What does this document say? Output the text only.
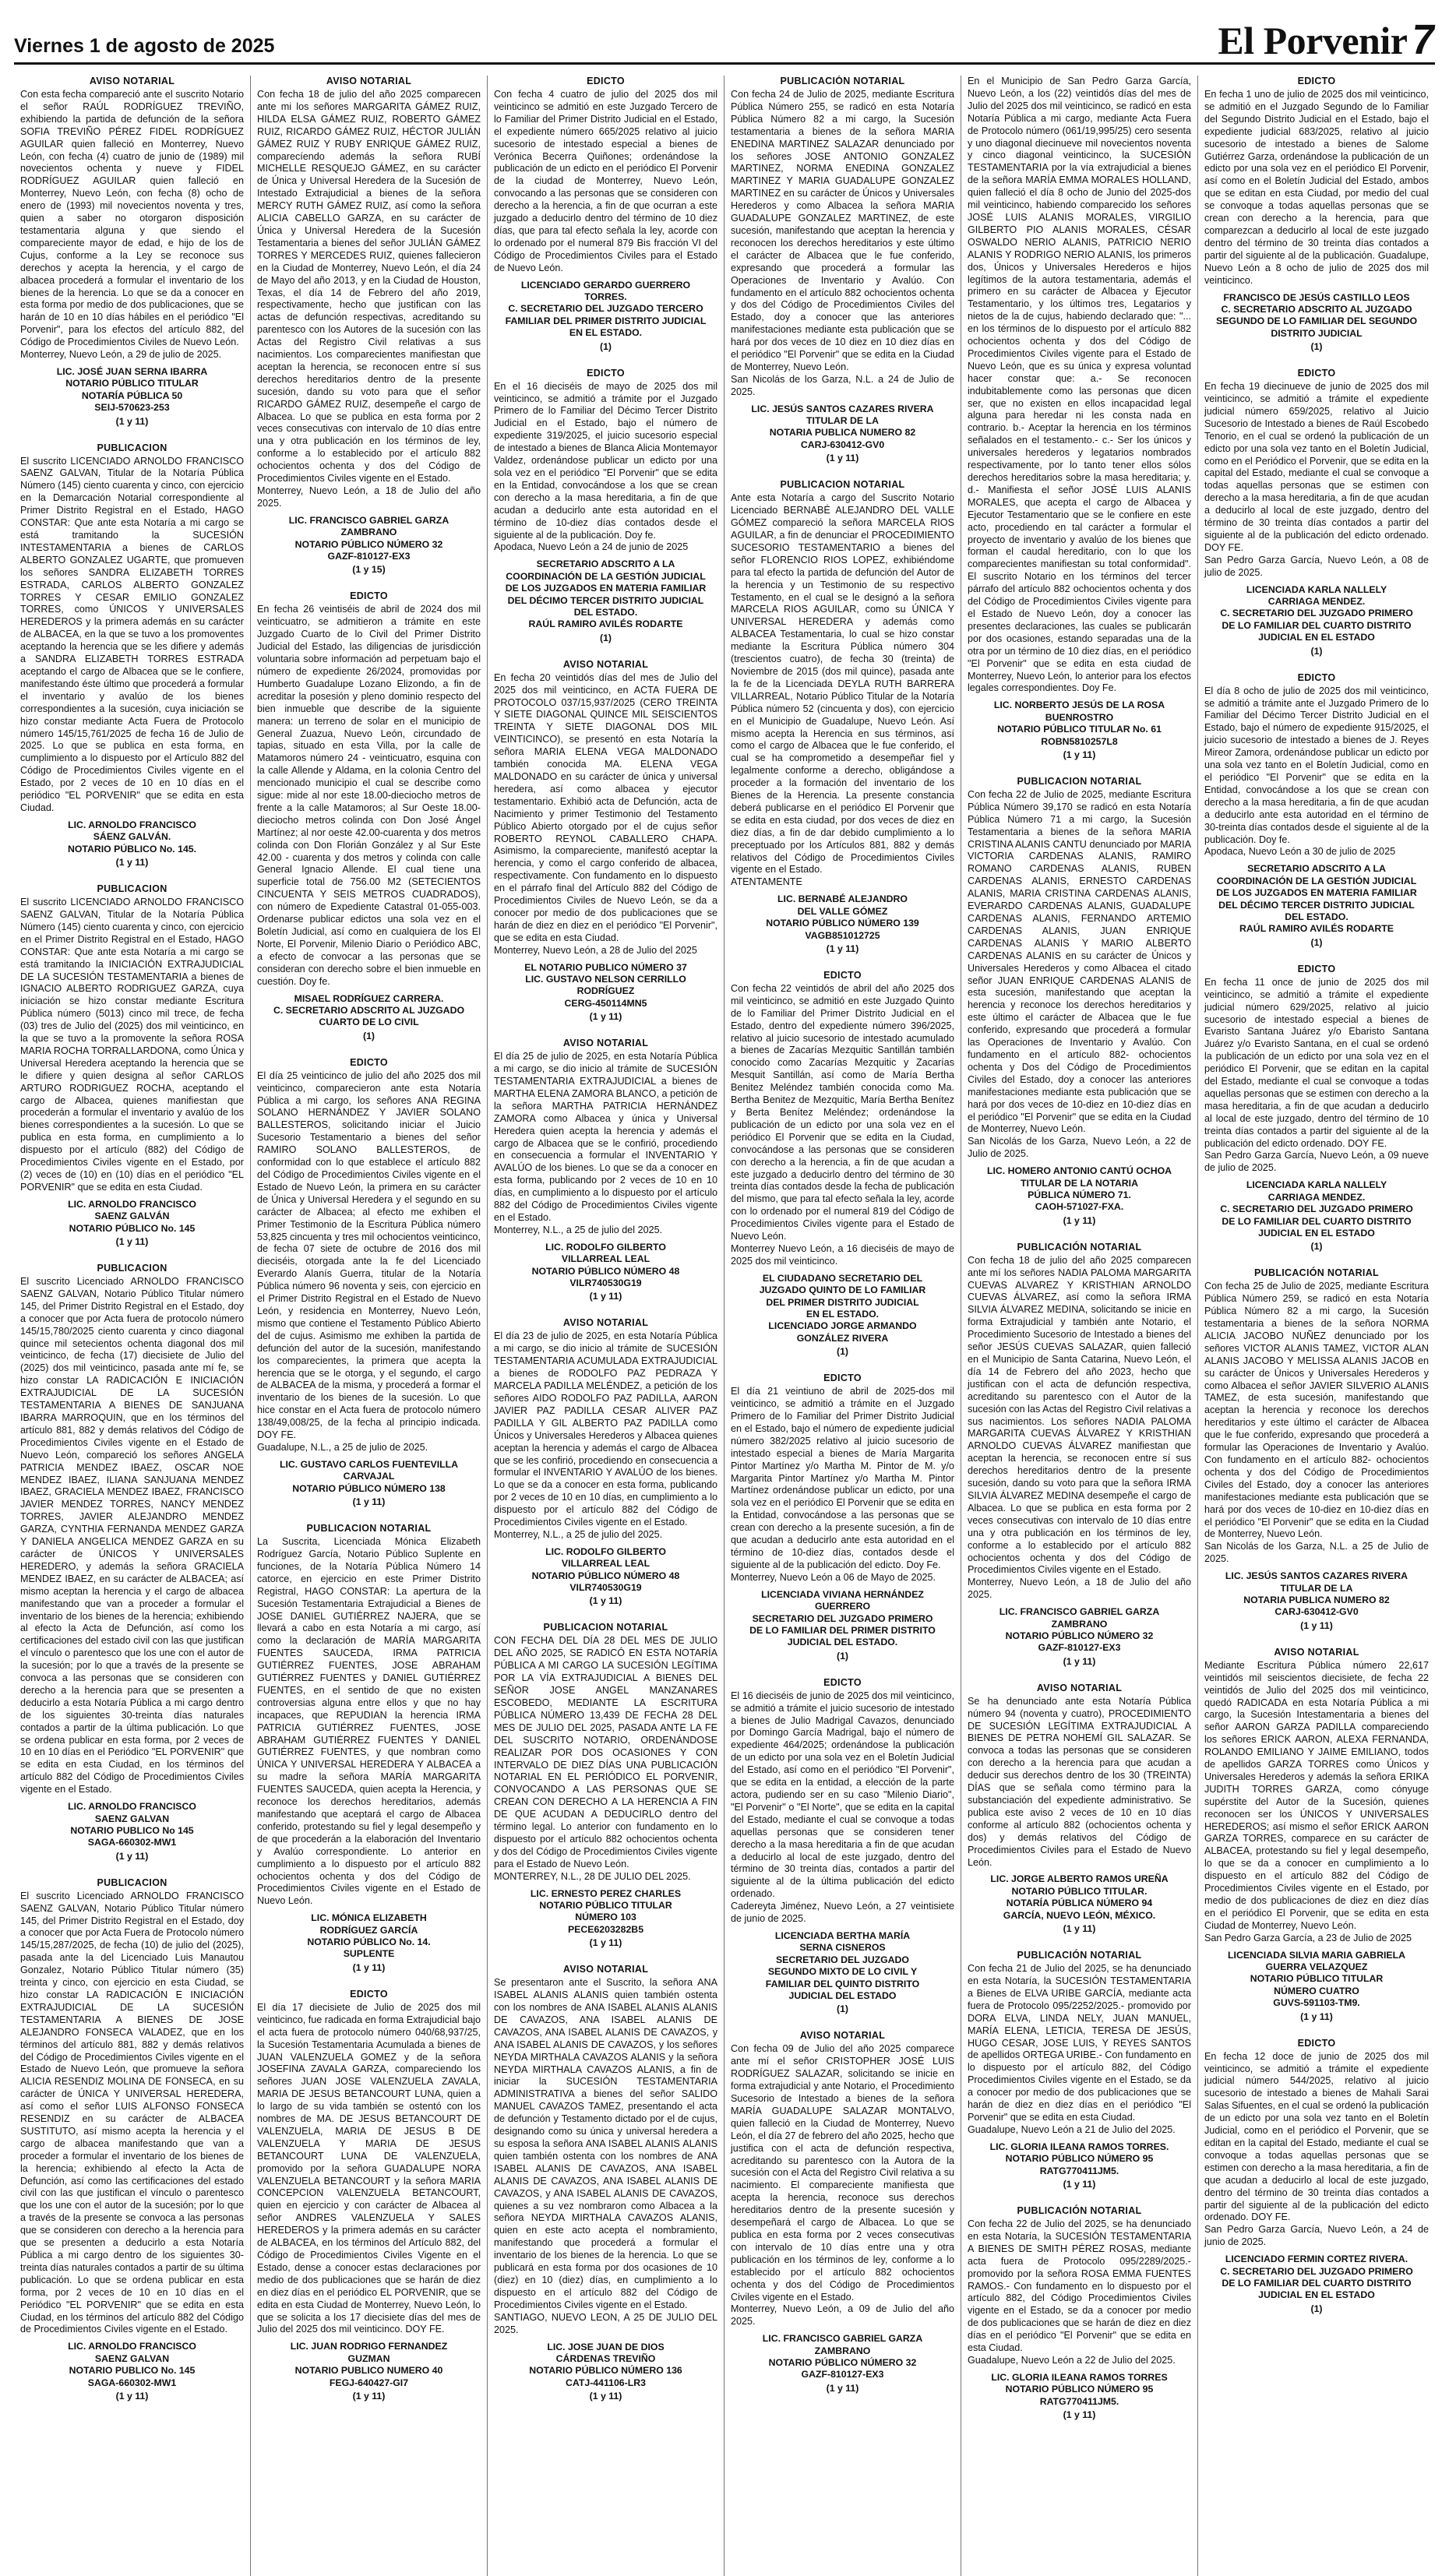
Viernes 1 de agosto de 2025	El Porvenir7
AVISO NOTARIAL
Con esta fecha compareció ante el suscrito Notario el señor RAÚL RODRÍGUEZ TREVIÑO, exhibiendo la partida de defunción de la señora SOFIA TREVIÑO PÉREZ FIDEL RODRÍGUEZ AGUILAR quien falleció en Monterrey, Nuevo León, con fecha (4) cuatro de junio de (1989) mil novecientos ochenta y nueve y FIDEL RODRÍGUEZ AGUILAR quien falleció en Monterrey, Nuevo León, con fecha (8) ocho de enero de (1993) mil novecientos noventa y tres, quien a saber no otorgaron disposición testamentaria alguna y que siendo el compareciente mayor de edad, e hijo de los de Cujus, conforme a la Ley se reconoce sus derechos y acepta la herencia, y el cargo de albacea procederá a formular el inventario de los bienes de la herencia. Lo que se da a conocer en esta forma por medio de dos publicaciones, que se harán de 10 en 10 días hábiles en el periódico "El Porvenir", para los efectos del artículo 882, del Código de Procedimientos Civiles de Nuevo León.
Monterrey, Nuevo León, a 29 de julio de 2025.
LIC. JOSÉ JUAN SERNA IBARRA
NOTARIO PÚBLICO TITULAR
NOTARÍA PÚBLICA 50
SEIJ-570623-253
(1 y 11)
PUBLICACION
El suscrito LICENCIADO ARNOLDO FRANCISCO SAENZ GALVAN, Titular de la Notaría Pública Número (145) ciento cuarenta y cinco, con ejercicio en la Demarcación Notarial correspondiente al Primer Distrito Registral en el Estado, HAGO CONSTAR: Que ante esta Notaría a mi cargo se está tramitando la SUCESIÓN INTESTAMENTARIA a bienes de CARLOS ALBERTO GONZALEZ UGARTE, que promueven los señores SANDRA ELIZABETH TORRES ESTRADA, CARLOS ALBERTO GONZALEZ TORRES Y CESAR EMILIO GONZALEZ TORRES, como ÚNICOS Y UNIVERSALES HEREDEROS y la primera además en su carácter de ALBACEA, en la que se tuvo a los promoventes aceptando la herencia que se les difiere y además a SANDRA ELIZABETH TORRES ESTRADA aceptando el cargo de Albacea que se le confiere, manifestando éste último que procederá a formular el inventario y avalúo de los bienes correspondientes a la sucesión, cuya iniciación se hizo constar mediante Acta Fuera de Protocolo número 145/15,761/2025 de fecha 16 de Julio de 2025. Lo que se publica en esta forma, en cumplimiento a lo dispuesto por el Artículo 882 del Código de Procedimientos Civiles vigente en el Estado, por 2 veces de 10 en 10 días en el periódico "EL PORVENIR" que se edita en esta Ciudad.
LIC. ARNOLDO FRANCISCO
SÁENZ GALVÁN.
NOTARIO PÚBLICO No. 145.
(1 y 11)
PUBLICACION
El suscrito LICENCIADO ARNOLDO FRANCISCO SAENZ GALVAN, Titular de la Notaría Pública Número (145) ciento cuarenta y cinco, con ejercicio en el Primer Distrito Registral en el Estado, HAGO CONSTAR: Que ante esta Notaría a mi cargo se está tramitando la INICIACIÓN EXTRAJUDICIAL DE LA SUCESIÓN TESTAMENTARIA a bienes de IGNACIO ALBERTO RODRIGUEZ GARZA, cuya iniciación se hizo constar mediante Escritura Pública número (5013) cinco mil trece, de fecha (03) tres de Julio del (2025) dos mil veinticinco, en la que se tuvo a la promovente la señora ROSA MARIA ROCHA TORRALLARDONA, como Única y Universal Heredera aceptando la herencia que se le difiere y quien designa al señor CARLOS ARTURO RODRIGUEZ ROCHA, aceptando el cargo de Albacea, quienes manifiestan que procederán a formular el inventario y avalúo de los bienes correspondientes a la sucesión. Lo que se publica en esta forma, en cumplimiento a lo dispuesto por el artículo (882) del Código de Procedimientos Civiles vigente en el Estado, por (2) veces de (10) en (10) días en el periódico "EL PORVENIR" que se edita en esta Ciudad.
LIC. ARNOLDO FRANCISCO
SAENZ GALVÁN
NOTARIO PÚBLICO No. 145
(1 y 11)
PUBLICACION
El suscrito Licenciado ARNOLDO FRANCISCO SAENZ GALVAN, Notario Público Titular número 145, del Primer Distrito Registral en el Estado, doy a conocer que por Acta fuera de protocolo número 145/15,780/2025 ciento cuarenta y cinco diagonal quince mil setecientos ochenta diagonal dos mil veinticinco, de fecha (17) diecisiete de Julio del (2025) dos mil veinticinco, pasada ante mí fe, se hizo constar LA RADICACIÓN E INICIACIÓN EXTRAJUDICIAL DE LA SUCESIÓN TESTAMENTARIA A BIENES DE SANJUANA IBARRA MARROQUIN, que en los términos del artículo 881, 882 y demás relativos del Código de Procedimientos Civiles vigente en el Estado de Nuevo León, compareció los señores ANGELA PATRICIA MENDEZ IBAEZ, OSCAR NOE MENDEZ IBAEZ, ILIANA SANJUANA MENDEZ IBAEZ, GRACIELA MENDEZ IBAEZ, FRANCISCO JAVIER MENDEZ TORRES, NANCY MENDEZ TORRES, JAVIER ALEJANDRO MENDEZ GARZA, CYNTHIA FERNANDA MENDEZ GARZA Y DANIELA ANGELICA MENDEZ GARZA en su carácter de ÚNICOS Y UNIVERSALES HEREDERO, y además la señora GRACIELA MENDEZ IBAEZ, en su carácter de ALBACEA; así mismo aceptan la herencia y el cargo de albacea manifestando que van a proceder a formular el inventario de los bienes de la herencia; exhibiendo al efecto la Acta de Defunción, así como los certificaciones del estado civil con las que justifican el vínculo o parentesco que los une con el autor de la sucesión; por lo que a través de la presente se convoca a las personas que se consideren con derecho a la herencia para que se presenten a deducirlo a esta Notaría Pública a mi cargo dentro de los siguientes 30-treinta días naturales contados a partir de la última publicación. Lo que se ordena publicar en esta forma, por 2 veces de 10 en 10 días en el Periódico "EL PORVENIR" que se edita en esta Ciudad, en los términos del artículo 882 del Código de Procedimientos Civiles vigente en el Estado.
LIC. ARNOLDO FRANCISCO
SAENZ GALVAN
NOTARIO PUBLICO No 145
SAGA-660302-MW1
(1 y 11)
PUBLICACION
El suscrito Licenciado ARNOLDO FRANCISCO SAENZ GALVAN, Notario Público Titular número 145, del Primer Distrito Registral en el Estado, doy a conocer que por Acta Fuera de Protocolo número 145/15,287/2025, de fecha (10) de julio del (2025), pasada ante la del Licenciado Luis Manautou Gonzalez, Notario Público Titular número (35) treinta y cinco, con ejercicio en esta Ciudad, se hizo constar LA RADICACIÓN E INICIACIÓN EXTRAJUDICIAL DE LA SUCESIÓN TESTAMENTARIA A BIENES DE JOSE ALEJANDRO FONSECA VALADEZ, que en los términos del artículo 881, 882 y demás relativos del Código de Procedimientos Civiles vigente en el Estado de Nuevo León, que promueve la señora ALICIA RESENDIZ MOLINA DE FONSECA, en su carácter de ÚNICA Y UNIVERSAL HEREDERA, así como el señor LUIS ALFONSO FONSECA RESENDIZ en su carácter de ALBACEA SUSTITUTO, así mismo acepta la herencia y el cargo de albacea manifestando que van a proceder a formular el inventario de los bienes de la herencia; exhibiendo al efecto la Acta de Defunción, así como las certificaciones del estado civil con las que justifican el vínculo o parentesco que los une con el autor de la sucesión; por lo que a través de la presente se convoca a las personas que se consideren con derecho a la herencia para que se presenten a deducirlo a esta Notaría Pública a mi cargo dentro de los siguientes 30-treinta días naturales contados a partir de su última publicación. Lo que se ordena publicar en esta forma, por 2 veces de 10 en 10 días en el Periódico "EL PORVENIR" que se edita en esta Ciudad, en los términos del artículo 882 del Código de Procedimientos Civiles vigente en el Estado.
LIC. ARNOLDO FRANCISCO
SAENZ GALVAN
NOTARIO PUBLICO No. 145
SAGA-660302-MW1
(1 y 11)
AVISO NOTARIAL
Con fecha 18 de julio del año 2025 comparecen ante mi los señores MARGARITA GÁMEZ RUIZ, HILDA ELSA GÁMEZ RUIZ, ROBERTO GÁMEZ RUIZ, RICARDO GÁMEZ RUIZ, HÉCTOR JULIÁN GÁMEZ RUIZ Y RUBY ENRIQUE GÁMEZ RUIZ, comparecíendo además la señora RUBÍ MICHELLE RESQUEJO GÁMEZ, en su carácter de Única y Universal Heredera de la Sucesión de Intestado Extrajudicial a bienes de la señora MERCY RUTH GÁMEZ RUIZ, así como la señora ALICIA CABELLO GARZA, en su carácter de Única y Universal Heredera de la Sucesión Testamentaria a bienes del señor JULIÁN GÁMEZ TORRES Y MERCEDES RUIZ, quienes fallecieron en la Ciudad de Monterrey, Nuevo León, el día 24 de Mayo del año 2013, y en la Ciudad de Houston, Texas, el día 14 de Febrero del año 2019, respectivamente, hecho que justifican con las actas de defunción respectivas, acreditando su parentesco con los Autores de la sucesión con las Actas del Registro Civil relativas a sus nacimientos. Los comparecientes manifiestan que aceptan la herencia, se reconocen entre sí sus derechos hereditarios dentro de la presente sucesión, dando su voto para que el señor RICARDO GÁMEZ RUIZ, desempeñe el cargo de Albacea. Lo que se publica en esta forma por 2 veces consecutivas con intervalo de 10 días entre una y otra publicación en los términos de ley, conforme a lo establecido por el artículo 882 ochocientos ochenta y dos del Código de Procedimientos Civiles vigente en el Estado.
Monterrey, Nuevo León, a 18 de Julio del año 2025.
LIC. FRANCISCO GABRIEL GARZA
ZAMBRANO
NOTARIO PÚBLICO NÚMERO 32
GAZF-810127-EX3
(1 y 15)
EDICTO
En fecha 26 veintiséis de abril de 2024 dos mil veinticuatro, se admitieron a trámite en este Juzgado Cuarto de lo Civil del Primer Distrito Judicial del Estado, las diligencias de jurisdicción voluntaria sobre información ad perpetuam bajo el número de expediente 26/2024, promovidas por Humberto Guadalupe Lozano Elizondo, a fin de acreditar la posesión y pleno dominio respecto del bien inmueble que describe de la siguiente manera: un terreno de solar en el municipio de General Zuazua, Nuevo León, circundado de tapias, situado en esta Villa, por la calle de Matamoros número 24 - veinticuatro, esquina con la calle Allende y Aldama, en la colonia Centro del mencionado municipio el cual se describe como sigue: mide al nor este 18.00-dieciocho metros de frente a la calle Matamoros; al Sur Oeste 18.00-dieciocho metros colinda con Don José Ángel Martínez; al nor oeste 42.00-cuarenta y dos metros colinda con Don Florián González y al Sur Este 42.00 - cuarenta y dos metros y colinda con calle General Ignacio Allende. El cual tiene una superficie total de 756.00 M2 (SETECIENTOS CINCUENTA Y SEIS METROS CUADRADOS), con número de Expediente Catastral 01-055-003. Ordenarse publicar edictos una sola vez en el Boletín Judicial, así como en cualquiera de los El Norte, El Porvenir, Milenio Diario o Periódico ABC, a efecto de convocar a las personas que se consideran con derecho sobre el bien inmueble en cuestión. Doy fe.
MISAEL RODRÍGUEZ CARRERA.
C. SECRETARIO ADSCRITO AL JUZGADO
CUARTO DE LO CIVIL
(1)
EDICTO
El día 25 veinticinco de julio del año 2025 dos mil veinticinco, comparecieron ante esta Notaría Pública a mi cargo, los señores ANA REGINA SOLANO HERNÁNDEZ Y JAVIER SOLANO BALLESTEROS, solicitando iniciar el Juicio Sucesorio Testamentario a bienes del señor RAMIRO SOLANO BALLESTEROS, de conformidad con lo que establece el artículo 882 del Código de Procedimientos Civiles vigente en el Estado de Nuevo León, la primera en su carácter de Única y Universal Heredera y el segundo en su carácter de Albacea; al efecto me exhiben el Primer Testimonio de la Escritura Pública número 53,825 cincuenta y tres mil ochocientos veinticinco, de fecha 07 siete de octubre de 2016 dos mil dieciséis, otorgada ante la fe del Licenciado Everardo Alanís Guerra, titular de la Notaría Pública número 96 noventa y seis, con ejercicio en el Primer Distrito Registral en el Estado de Nuevo León, y residencia en Monterrey, Nuevo León, mismo que contiene el Testamento Público Abierto del de cujus. Asimismo me exhiben la partida de defunción del autor de la sucesión, manifestando los comparecientes, la primera que acepta la herencia que se le otorga, y el segundo, el cargo de ALBACEA de la misma, y procederá a formar el inventario de los bienes de la sucesión. Lo que hice constar en el Acta fuera de protocolo número 138/49,008/25, de la fecha al principio indicada. DOY FE.
Guadalupe, N.L., a 25 de julio de 2025.
LIC. GUSTAVO CARLOS FUENTEVILLA
CARVAJAL
NOTARIO PÚBLICO NÚMERO 138
(1 y 11)
PUBLICACION NOTARIAL
La Suscrita, Licenciada Mónica Elizabeth Rodríguez García, Notario Público Suplente en funciones, de la Notaría Pública Número 14 catorce, en ejercicio en este Primer Distrito Registral, HAGO CONSTAR: La apertura de la Sucesión Testamentaria Extrajudicial a Bienes de JOSE DANIEL GUTIÉRREZ NAJERA, que se llevará a cabo en esta Notaría a mi cargo, así como la declaración de MARÍA MARGARITA FUENTES SAUCEDA, IRMA PATRICIA GUTIÉRREZ FUENTES, JOSE ABRAHAM GUTIÉRREZ FUENTES y DANIEL GUTIÉRREZ FUENTES, en el sentido de que no existen controversias alguna entre ellos y que no hay incapaces, que REPUDIAN la herencia IRMA PATRICIA GUTIÉRREZ FUENTES, JOSE ABRAHAM GUTIÉRREZ FUENTES Y DANIEL GUTIÉRREZ FUENTES, y que nombran como ÚNICA Y UNIVERSAL HEREDERA Y ALBACEA a su madre la señora MARÍA MARGARITA FUENTES SAUCEDA, quien acepta la Herencia, y reconoce los derechos hereditarios, además manifestando que aceptará el cargo de Albacea conferido, protestando su fiel y legal desempeño y de que procederán a la elaboración del Inventario y Avalúo correspondiente. Lo anterior en cumplimiento a lo dispuesto por el artículo 882 ochocientos ochenta y dos del Código de Procedimientos Civiles vigente en el Estado de Nuevo León.
LIC. MÓNICA ELIZABETH
RODRÍGUEZ GARCÍA
NOTARIO PÚBLICO No. 14.
SUPLENTE
(1 y 11)
EDICTO
El día 17 diecisiete de Julio de 2025 dos mil veinticinco, fue radicada en forma Extrajudicial bajo el acta fuera de protocolo número 040/68,937/25, la Sucesión Testamentaria Acumulada a bienes de JUAN VALENZUELA GOMEZ y de la señora JOSEFINA ZAVALA GARZA, compareciendo los señores JUAN JOSE VALENZUELA ZAVALA, MARIA DE JESUS BETANCOURT LUNA, quien a lo largo de su vida también se ostentó con los nombres de MA. DE JESUS BETANCOURT DE VALENZUELA, MARIA DE JESUS B DE VALENZUELA Y MARIA DE JESUS BETANCOURT LUNA DE VALENZUELA, promovido por la señora GUADALUPE NORA VALENZUELA BETANCOURT y la señora MARIA CONCEPCION VALENZUELA BETANCOURT, quien en ejercicio y con carácter de Albacea al señor ANDRES VALENZUELA Y SALES HEREDEROS y la primera además en su carácter de ALBACEA, en los términos del Artículo 882, del Código de Procedimientos Civiles Vigente en el Estado, dense a conocer estas declaraciones por medio de dos publicaciones que se harán de diez en diez días en el periódico EL PORVENIR, que se edita en esta Ciudad de Monterrey, Nuevo León, lo que se solicita a los 17 diecisiete días del mes de Julio del 2025 dos mil veinticinco. DOY FE.
LIC. JUAN RODRIGO FERNANDEZ
GUZMAN
NOTARIO PUBLICO NUMERO 40
FEGJ-640427-GI7
(1 y 11)
EDICTO
Con fecha 4 cuatro de julio del 2025 dos mil veinticinco se admitió en este Juzgado Tercero de lo Familiar del Primer Distrito Judicial en el Estado, el expediente número 665/2025 relativo al juicio sucesorio de intestado especial a bienes de Verónica Becerra Quiñones; ordenándose la publicación de un edicto en el periódico El Porvenir de la ciudad de Monterrey, Nuevo León, convocando a las personas que se consideren con derecho a la herencia, a fin de que ocurran a este juzgado a deducirlo dentro del término de 10 diez días, que para tal efecto señala la ley, acorde con lo ordenado por el numeral 879 Bis fracción VI del Código de Procedimientos Civiles para el Estado de Nuevo León.
LICENCIADO GERARDO GUERRERO
TORRES.
C. SECRETARIO DEL JUZGADO TERCERO
FAMILIAR DEL PRIMER DISTRITO JUDICIAL
EN EL ESTADO.
(1)
EDICTO
En el 16 dieciséis de mayo de 2025 dos mil veinticinco, se admitió a trámite por el Juzgado Primero de lo Familiar del Décimo Tercer Distrito Judicial en el Estado, bajo el número de expediente 319/2025, el juicio sucesorio especial de intestado a bienes de Blanca Alicia Montemayor Valdez, ordenándose publicar un edicto por una sola vez en el periódico "El Porvenir" que se edita en la Entidad, convocándose a los que se crean con derecho a la masa hereditaria, a fin de que acudan a deducirlo ante esta autoridad en el término de 10-diez días contados desde el siguiente al de la publicación. Doy fe.
Apodaca, Nuevo León a 24 de junio de 2025
SECRETARIO ADSCRITO A LA
COORDINACIÓN DE LA GESTIÓN JUDICIAL
DE LOS JUZGADOS EN MATERIA FAMILIAR
DEL DÉCIMO TERCER DISTRITO JUDICIAL
DEL ESTADO.
RAÚL RAMIRO AVILÉS RODARTE
(1)
AVISO NOTARIAL
En fecha 20 veintidós días del mes de Julio del 2025 dos mil veinticinco, en ACTA FUERA DE PROTOCOLO 037/15,937/2025 (CERO TREINTA Y SIETE DIAGONAL QUINCE MIL SEISCIENTOS TREINTA Y SIETE DIAGONAL DOS MIL VEINTICINCO), se presentó en esta Notaría la señora MARIA ELENA VEGA MALDONADO también conocida MA. ELENA VEGA MALDONADO en su carácter de única y universal heredera, así como albacea y ejecutor testamentario. Exhibió acta de Defunción, acta de Nacimiento y primer Testimonio del Testamento Público Abierto otorgado por el de cujus señor ROBERTO REYNOL CABALLERO CHAPA. Asimismo, la compareciente, manifestó aceptar la herencia, y como el cargo conferido de albacea, respectivamente. Con fundamento en lo dispuesto en el párrafo final del Artículo 882 del Código de Procedimientos Civiles de Nuevo León, se da a conocer por medio de dos publicaciones que se harán de diez en diez en el periódico "El Porvenir", que se edita en esta Ciudad.
Monterrey, Nuevo León, a 28 de Julio del 2025
EL NOTARIO PUBLICO NÚMERO 37
LIC. GUSTAVO NELSON CERRILLO
RODRÍGUEZ
CERG-450114MN5
(1 y 11)
AVISO NOTARIAL
El día 25 de julio de 2025, en esta Notaría Pública a mi cargo, se dio inicio al trámite de SUCESIÓN TESTAMENTARIA EXTRAJUDICIAL a bienes de MARTHA ELENA ZAMORA BLANCO, a petición de la señora MARTHA PATRICIA HERNÁNDEZ ZAMORA como Albacea y única y Universal Heredera quien acepta la herencia y además el cargo de Albacea que se le confirió, procediendo en consecuencia a formular el INVENTARIO Y AVALÚO de los bienes. Lo que se da a conocer en esta forma, publicando por 2 veces de 10 en 10 días, en cumplimiento a lo dispuesto por el artículo 882 del Código de Procedimientos Civiles vigente en el Estado.
Monterrey, N.L., a 25 de julio del 2025.
LIC. RODOLFO GILBERTO
VILLARREAL LEAL
NOTARIO PÚBLICO NÚMERO 48
VILR740530G19
(1 y 11)
AVISO NOTARIAL
El día 23 de julio de 2025, en esta Notaría Pública a mi cargo, se dio inicio al trámite de SUCESIÓN TESTAMENTARIA ACUMULADA EXTRAJUDICIAL a bienes de RODOLFO PAZ PEDRAZA Y MARCELA PADILLA MELÉNDEZ, a petición de los señores AIDO RODOLFO PAZ PADILLA, AARON JAVIER PAZ PADILLA CESAR ALIVER PAZ PADILLA Y GIL ALBERTO PAZ PADILLA como Únicos y Universales Herederos y Albacea quienes aceptan la herencia y además el cargo de Albacea que se les confirió, procediendo en consecuencia a formular el INVENTARIO Y AVALÚO de los bienes. Lo que se da a conocer en esta forma, publicando por 2 veces de 10 en 10 días, en cumplimiento a lo dispuesto por el artículo 882 del Código de Procedimientos Civiles vigente en el Estado.
Monterrey, N.L., a 25 de julio del 2025.
LIC. RODOLFO GILBERTO
VILLARREAL LEAL
NOTARIO PÚBLICO NÚMERO 48
VILR740530G19
(1 y 11)
PUBLICACION NOTARIAL
CON FECHA DEL DÍA 28 DEL MES DE JULIO DEL AÑO 2025, SE RADICÓ EN ESTA NOTARÍA PÚBLICA A MI CARGO LA SUCESIÓN LEGÍTIMA POR LA VÍA EXTRAJUDICIAL A BIENES DEL SEÑOR JOSE ANGEL MANZANARES ESCOBEDO, MEDIANTE LA ESCRITURA PÚBLICA NÚMERO 13,439 DE FECHA 28 DEL MES DE JULIO DEL 2025, PASADA ANTE LA FE DEL SUSCRITO NOTARIO, ORDENÁNDOSE REALIZAR POR DOS OCASIONES Y CON INTERVALO DE DIEZ DÍAS UNA PUBLICACIÓN NOTARIAL EN EL PERIÓDICO EL PORVENIR, CONVOCANDO A LAS PERSONAS QUE SE CREAN CON DERECHO A LA HERENCIA A FIN DE QUE ACUDAN A DEDUCIRLO dentro del término legal. Lo anterior con fundamento en lo dispuesto por el artículo 882 ochocientos ochenta y dos del Código de Procedimientos Civiles vigente para el Estado de Nuevo León.
MONTERREY, N.L., 28 DE JULIO DEL 2025.
LIC. ERNESTO PEREZ CHARLES
NOTARIO PÚBLICO TITULAR
NÚMERO 103
PECE6203282B5
(1 y 11)
AVISO NOTARIAL
Se presentaron ante el Suscrito, la señora ANA ISABEL ALANIS ALANIS quien también ostenta con los nombres de ANA ISABEL ALANIS ALANIS DE CAVAZOS, ANA ISABEL ALANIS DE CAVAZOS, ANA ISABEL ALANIS DE CAVAZOS, y ANA ISABEL ALANIS DE CAVAZOS, y los señores NEYDA MIRTHALA CAVAZOS ALANIS y la señora NEYDA MIRTHALA CAVAZOS ALANIS, a fin de iniciar la SUCESIÓN TESTAMENTARIA ADMINISTRATIVA a bienes del señor SALIDO MANUEL CAVAZOS TAMEZ, presentando el acta de defunción y Testamento dictado por el de cujus, designando como su única y universal heredera a su esposa la señora ANA ISABEL ALANIS ALANIS quien también ostenta con los nombres de ANA ISABEL ALANIS DE CAVAZOS, ANA ISABEL ALANIS DE CAVAZOS, ANA ISABEL ALANIS DE CAVAZOS, y ANA ISABEL ALANIS DE CAVAZOS, quienes a su vez nombraron como Albacea a la señora NEYDA MIRTHALA CAVAZOS ALANIS, quien en este acto acepta el nombramiento, manifestando que procederá a formular el inventario de los bienes de la herencia. Lo que se publicará en esta forma por dos ocasiones de 10 (diez) en 10 (diez) días, en cumplimiento a lo dispuesto en el artículo 882 del Código de Procedimientos Civiles vigente en el Estado.
SANTIAGO, NUEVO LEON, A 25 DE JULIO DEL 2025.
LIC. JOSE JUAN DE DIOS
CÁRDENAS TREVIÑO
NOTARIO PÚBLICO NÚMERO 136
CATJ-441106-LR3
(1 y 11)
PUBLICACIÓN NOTARIAL
Con fecha 24 de Julio de 2025, mediante Escritura Pública Número 255, se radicó en esta Notaría Pública Número 82 a mi cargo, la Sucesión testamentaria a bienes de la señora MARIA ENEDINA MARTINEZ SALAZAR denunciado por los señores JOSE ANTONIO GONZALEZ MARTINEZ, NORMA ENEDINA GONZALEZ MARTINEZ Y MARIA GUADALUPE GONZALEZ MARTINEZ en su carácter de Únicos y Universales Herederos y como Albacea la señora MARIA GUADALUPE GONZALEZ MARTINEZ, de este sucesión, manifestando que aceptan la herencia y reconocen los derechos hereditarios y este último el carácter de Albacea que le fue conferido, expresando que procederá a formular las Operaciones de Inventario y Avalúo. Con fundamento en el artículo 882 ochocientos ochenta y dos del Código de Procedimientos Civiles del Estado, doy a conocer que las anteriores manifestaciones mediante esta publicación que se hará por dos veces de 10 diez en 10 diez días en el periódico "El Porvenir" que se edita en la Ciudad de Monterrey, Nuevo León.
San Nicolás de los Garza, N.L. a 24 de Julio de 2025.
LIC. JESÚS SANTOS CAZARES RIVERA
TITULAR DE LA
NOTARIA PUBLICA NUMERO 82
CARJ-630412-GV0
(1 y 11)
PUBLICACION NOTARIAL
Ante esta Notaría a cargo del Suscrito Notario Licenciado BERNABÉ ALEJANDRO DEL VALLE GÓMEZ compareció la señora MARCELA RIOS AGUILAR, a fin de denunciar el PROCEDIMIENTO SUCESORIO TESTAMENTARIO a bienes del señor FLORENCIO RIOS LOPEZ, exhibiéndome para tal efecto la partida de defunción del Autor de la herencia y un Testimonio de su respectivo Testamento, en el cual se le designó a la señora MARCELA RIOS AGUILAR, como su ÚNICA Y UNIVERSAL HEREDERA y además como ALBACEA Testamentaria, lo cual se hizo constar mediante la Escritura Pública número 304 (trescientos cuatro), de fecha 30 (treinta) de Noviembre de 2015 (dos mil quince), pasada ante la fe de la Licenciada DEYLA RUTH BARRERA VILLARREAL, Notario Público Titular de la Notaría Pública número 52 (cincuenta y dos), con ejercicio en el Municipio de Guadalupe, Nuevo León. Así mismo acepta la Herencia en sus términos, así como el cargo de Albacea que le fue conferido, el cual se ha comprometido a desempeñar fiel y legalmente conforme a derecho, obligándose a proceder a la formación del inventario de los Bienes de la Herencia. La presente constancia deberá publicarse en el periódico El Porvenir que se edita en esta ciudad, por dos veces de diez en diez días, a fin de dar debido cumplimiento a lo preceptuado por los Artículos 881, 882 y demás relativos del Código de Procedimientos Civiles vigente en el Estado.
ATENTAMENTE
LIC. BERNABÉ ALEJANDRO
DEL VALLE GÓMEZ
NOTARIO PÚBLICO NÚMERO 139
VAGB851012725
(1 y 11)
EDICTO
Con fecha 22 veintidós de abril del año 2025 dos mil veinticinco, se admitió en este Juzgado Quinto de lo Familiar del Primer Distrito Judicial en el Estado, dentro del expediente número 396/2025, relativo al juicio sucesorio de intestado acumulado a bienes de Zacarías Mezquitic Santillán también conocido como Zacarías Mezquitic y Zacarías Mesquit Santillán, así como de María Bertha Benitez Meléndez también conocida como Ma. Bertha Benitez de Mezquitic, María Bertha Benítez y Berta Benítez Meléndez; ordenándose la publicación de un edicto por una sola vez en el periódico El Porvenir que se edita en la Ciudad, convocándose a las personas que se consideren con derecho a la herencia, a fin de que acudan a este juzgado a deducirlo dentro del término de 30 treinta días contados desde la fecha de publicación del mismo, que para tal efecto señala la ley, acorde con lo ordenado por el numeral 819 del Código de Procedimientos Civiles vigente para el Estado de Nuevo León.
Monterrey Nuevo León, a 16 dieciséis de mayo de 2025 dos mil veinticinco.
EL CIUDADANO SECRETARIO DEL
JUZGADO QUINTO DE LO FAMILIAR
DEL PRIMER DISTRITO JUDICIAL
EN EL ESTADO.
LICENCIADO JORGE ARMANDO
GONZÁLEZ RIVERA
(1)
EDICTO
El día 21 veintiuno de abril de 2025-dos mil veinticinco, se admitió a trámite en el Juzgado Primero de lo Familiar del Primer Distrito Judicial en el Estado, bajo el número de expediente judicial número 382/2025 relativo al juicio sucesorio de intestado especial a bienes de María Margarita Pintor Martínez y/o Martha M. Pintor de M. y/o Margarita Pintor Martínez y/o Martha M. Pintor Martínez ordenándose publicar un edicto, por una sola vez en el periódico El Porvenir que se edita en la Entidad, convocándose a las personas que se crean con derecho a la presente sucesión, a fin de que acudan a deducirlo ante esta autoridad en el término de 10-diez días, contados desde el siguiente al de la publicación del edicto. Doy Fe.
Monterrey, Nuevo León a 06 de Mayo de 2025.
LICENCIADA VIVIANA HERNÁNDEZ
GUERRERO
SECRETARIO DEL JUZGADO PRIMERO
DE LO FAMILIAR DEL PRIMER DISTRITO
JUDICIAL DEL ESTADO.
(1)
EDICTO
El 16 dieciséis de junio de 2025 dos mil veinticinco, se admitió a trámite el juicio sucesorio de intestado a bienes de Julio Madrigal Cavazos, denunciado por Domingo García Madrigal, bajo el número de expediente 464/2025; ordenándose la publicación de un edicto por una sola vez en el Boletín Judicial del Estado, así como en el periódico "El Porvenir", que se edita en la entidad, a elección de la parte actora, pudiendo ser en su caso "Milenio Diario", "El Porvenir" o "El Norte", que se edita en la capital del Estado, mediante el cual se convoque a todas aquellas personas que se consideren tener derecho a la masa hereditaria a fin de que acudan a deducirlo al local de este juzgado, dentro del término de 30 treinta días, contados a partir del siguiente al de la última publicación del edicto ordenado.
Cadereyta Jiménez, Nuevo León, a 27 veintisiete de junio de 2025.
LICENCIADA BERTHA MARÍA
SERNA CISNEROS
SECRETARIO DEL JUZGADO
SEGUNDO MIXTO DE LO CIVIL Y
FAMILIAR DEL QUINTO DISTRITO
JUDICIAL DEL ESTADO
(1)
AVISO NOTARIAL
Con fecha 09 de Julio del año 2025 comparece ante mí el señor CRISTOPHER JOSÉ LUIS RODRÍGUEZ SALAZAR, solicitando se inicie en forma extrajudicial y ante Notario, el Procedimiento Sucesorio de Intestado a bienes de la señora MARÍA GUADALUPE SALAZAR MONTALVO, quien falleció en la Ciudad de Monterrey, Nuevo León, el día 27 de febrero del año 2025, hecho que justifica con el acta de defunción respectiva, acreditando su parentesco con la Autora de la sucesión con el Acta del Registro Civil relativa a su nacimiento. El compareciente manifiesta que acepta la herencia, reconoce sus derechos hereditarios dentro de la presente sucesión y desempeñará el cargo de Albacea. Lo que se publica en esta forma por 2 veces consecutivas con intervalo de 10 días entre una y otra publicación en los términos de ley, conforme a lo establecido por el artículo 882 ochocientos ochenta y dos del Código de Procedimientos Civiles vigente en el Estado.
Monterrey, Nuevo León, a 09 de Julio del año 2025.
LIC. FRANCISCO GABRIEL GARZA
ZAMBRANO
NOTARIO PÚBLICO NÚMERO 32
GAZF-810127-EX3
(1 y 11)
En el Municipio de San Pedro Garza García, Nuevo León, a los (22) veintidós días del mes de Julio del 2025 dos mil veinticinco, se radicó en esta Notaría Pública a mi cargo, mediante Acta Fuera de Protocolo número (061/19,995/25) cero sesenta y uno diagonal diecinueve mil novecientos noventa y cinco diagonal veinticinco, la SUCESIÓN TESTAMENTARIA por la vía extrajudicial a bienes de la señora MARÍA EMMA MORALES HOLLAND, quien falleció el día 8 ocho de Junio del 2025-dos mil veinticinco, habiendo comparecido los señores JOSÉ LUIS ALANIS MORALES, VIRGILIO GILBERTO PIO ALANIS MORALES, CÉSAR OSWALDO NERIO ALANIS, PATRICIO NERIO ALANIS Y RODRIGO NERIO ALANIS, los primeros dos, Únicos y Universales Herederos e hijos legítimos de la autora testamentaria, además el primero en su carácter de Albacea y Ejecutor Testamentario, y los últimos tres, Legatarios y nietos de la de cujus, habiendo declarado que: "... en los términos de lo dispuesto por el artículo 882 ochocientos ochenta y dos del Código de Procedimientos Civiles vigente para el Estado de Nuevo León, que es su única y expresa voluntad hacer constar que: a.- Se reconocen indubitablemente como las personas que dicen ser, que no existen en ellos incapacidad legal alguna para heredar ni les consta nada en contrario. b.- Aceptar la herencia en los términos señalados en el testamento.- c.- Ser los únicos y universales herederos y legatarios nombrados respectivamente, por lo tanto tener ellos sólos derechos hereditarios sobre la masa hereditaria; y. d.- Manifiesta el señor JOSÉ LUIS ALANIS MORALES, que acepta el cargo de Albacea y Ejecutor Testamentario que se le confiere en este acto, procediendo en tal carácter a formular el proyecto de inventario y avalúo de los bienes que forman el caudal hereditario, con lo que los comparecientes manifiestan su total conformidad". El suscrito Notario en los términos del tercer párrafo del artículo 882 ochocientos ochenta y dos del Código de Procedimientos Civiles vigente para el Estado de Nuevo León, doy a conocer las presentes declaraciones, las cuales se publicarán por dos ocasiones, estando separadas una de la otra por un término de 10 diez días, en el periódico "El Porvenir" que se edita en esta ciudad de Monterrey, Nuevo León, lo anterior para los efectos legales correspondientes. Doy Fe.
LIC. NORBERTO JESÚS DE LA ROSA
BUENROSTRO
NOTARIO PÚBLICO TITULAR No. 61
ROBN5810257L8
(1 y 11)
PUBLICACION NOTARIAL
Con fecha 22 de Julio de 2025, mediante Escritura Pública Número 39,170 se radicó en esta Notaría Pública Número 71 a mi cargo, la Sucesión Testamentaria a bienes de la señora MARIA CRISTINA ALANIS CANTU denunciado por MARIA VICTORIA CARDENAS ALANIS, RAMIRO ROMANO CARDENAS ALANIS, RUBEN CARDENAS ALANIS, ERNESTO CARDENAS ALANIS, MARIA CRISTINA CARDENAS ALANIS, EVERARDO CARDENAS ALANIS, GUADALUPE CARDENAS ALANIS, FERNANDO ARTEMIO CARDENAS ALANIS, JUAN ENRIQUE CARDENAS ALANIS Y MARIO ALBERTO CARDENAS ALANIS en su carácter de Únicos y Universales Herederos y como Albacea el citado señor JUAN ENRIQUE CARDENAS ALANIS de esta sucesión, manifestando que aceptan la herencia y reconoce los derechos hereditarios y este último el carácter de Albacea que le fue conferido, expresando que procederá a formular las Operaciones de Inventario y Avalúo. Con fundamento en el artículo 882- ochocientos ochenta y Dos del Código de Procedimientos Civiles del Estado, doy a conocer las anteriores manifestaciones mediante esta publicación que se hará por dos veces de 10-diez en 10-diez días en el periódico "El Porvenir" que se edita en la Ciudad de Monterrey, Nuevo León.
San Nicolás de los Garza, Nuevo León, a 22 de Julio de 2025.
LIC. HOMERO ANTONIO CANTÚ OCHOA
TITULAR DE LA NOTARIA
PÚBLICA NÚMERO 71.
CAOH-571027-FXA.
(1 y 11)
PUBLICACIÓN NOTARIAL
Con fecha 18 de julio del año 2025 comparecen ante mí los señores NADIA PALOMA MARGARITA CUEVAS ALVAREZ Y KRISTHIAN ARNOLDO CUEVAS ÁLVAREZ, así como la señora IRMA SILVIA ÁLVAREZ MEDINA, solicitando se inicie en forma Extrajudicial y también ante Notario, el Procedimiento Sucesorio de Intestado a bienes del señor JESÚS CUEVAS SALAZAR, quien falleció en el Municipio de Santa Catarina, Nuevo León, el día 14 de Febrero del año 2023, hecho que justifican con el acta de defunción respectiva, acreditando su parentesco con el Autor de la sucesión con las Actas del Registro Civil relativas a sus nacimientos. Los señores NADIA PALOMA MARGARITA CUEVAS ÁLVAREZ Y KRISTHIAN ARNOLDO CUEVAS ÁLVAREZ manifiestan que aceptan la herencia, se reconocen entre sí sus derechos hereditarios dentro de la presente sucesión, dando su voto para que la señora IRMA SILVIA ÁLVAREZ MEDINA desempeñe el cargo de Albacea. Lo que se publica en esta forma por 2 veces consecutivas con intervalo de 10 días entre una y otra publicación en los términos de ley, conforme a lo establecido por el artículo 882 ochocientos ochenta y dos del Código de Procedimientos Civiles vigente en el Estado.
Monterrey, Nuevo León, a 18 de Julio del año 2025.
LIC. FRANCISCO GABRIEL GARZA
ZAMBRANO
NOTARIO PÚBLICO NÚMERO 32
GAZF-810127-EX3
(1 y 11)
AVISO NOTARIAL
Se ha denunciado ante esta Notaría Pública número 94 (noventa y cuatro), PROCEDIMIENTO DE SUCESIÓN LEGÍTIMA EXTRAJUDICIAL A BIENES DE PETRA NOHEMÍ GIL SALAZAR. Se convoca a todas las personas que se consideren con derecho a la herencia para que acudan a deducir sus derechos dentro de los 30 (TREINTA) DÍAS que se señala como término para la substanciación del expediente administrativo. Se publica este aviso 2 veces de 10 en 10 días conforme al artículo 882 (ochocientos ochenta y dos) y demás relativos del Código de Procedimientos Civiles para el Estado de Nuevo León.
LIC. JORGE ALBERTO RAMOS UREÑA
NOTARIO PÚBLICO TITULAR.
NOTARÍA PÚBLICA NÚMERO 94
GARCÍA, NUEVO LEÓN, MÉXICO.
(1 y 11)
PUBLICACIÓN NOTARIAL
Con fecha 21 de Julio del 2025, se ha denunciado en esta Notaría, la SUCESIÓN TESTAMENTARIA a Bienes de ELVA URIBE GARCÍA, mediante acta fuera de Protocolo 095/2252/2025.- promovido por DORA ELVA, LINDA NELY, JUAN MANUEL, MARÍA ELENA, LETICIA, TERESA DE JESÚS, HUGO CESAR, JOSE LUIS, Y REYES SANTOS de apellidos ORTEGA URIBE.- Con fundamento en lo dispuesto por el artículo 882, del Código Procedimientos Civiles vigente en el Estado, se da a conocer por medio de dos publicaciones que se harán de diez en diez días en el periódico "El Porvenir" que se edita en esta Ciudad.
Guadalupe, Nuevo León a 21 de Julio del 2025.
LIC. GLORIA ILEANA RAMOS TORRES.
NOTARIO PÚBLICO NÚMERO 95
RATG770411JM5.
(1 y 11)
PUBLICACIÓN NOTARIAL
Con fecha 22 de Julio del 2025, se ha denunciado en esta Notaría, la SUCESIÓN TESTAMENTARIA A BIENES DE SMITH PÉREZ ROSAS, mediante acta fuera de Protocolo 095/2289/2025.- promovido por la señora ROSA EMMA FUENTES RAMOS.- Con fundamento en lo dispuesto por el artículo 882, del Código Procedimientos Civiles vigente en el Estado, se da a conocer por medio de dos publicaciones que se harán de diez en diez días en el periódico "El Porvenir" que se edita en esta Ciudad.
Guadalupe, Nuevo León a 22 de Julio del 2025.
LIC. GLORIA ILEANA RAMOS TORRES
NOTARIO PÚBLICO NÚMERO 95
RATG770411JM5.
(1 y 11)
EDICTO
En fecha 1 uno de julio de 2025 dos mil veinticinco, se admitió en el Juzgado Segundo de lo Familiar del Segundo Distrito Judicial en el Estado, bajo el expediente judicial 683/2025, relativo al juicio sucesorio de intestado a bienes de Salome Gutiérrez Garza, ordenándose la publicación de un edicto por una sola vez en el periódico El Porvenir, así como en el Boletín Judicial del Estado, ambos que se editan en esta Ciudad, por medio del cual se convoque a todas aquellas personas que se crean con derecho a la herencia, para que comparezcan a deducirlo al local de este juzgado dentro del término de 30 treinta días contados a partir del siguiente al de la publicación. Guadalupe, Nuevo León a 8 ocho de julio de 2025 dos mil veinticinco.
FRANCISCO DE JESÚS CASTILLO LEOS
C. SECRETARIO ADSCRITO AL JUZGADO
SEGUNDO DE LO FAMILIAR DEL SEGUNDO
DISTRITO JUDICIAL
(1)
EDICTO
En fecha 19 diecinueve de junio de 2025 dos mil veinticinco, se admitió a trámite el expediente judicial número 659/2025, relativo al Juicio Sucesorio de Intestado a bienes de Raúl Escobedo Tenorio, en el cual se ordenó la publicación de un edicto por una sola vez tanto en el Boletín Judicial, como en el Periódico el Porvenir, que se edita en la capital del Estado, mediante el cual se convoque a todas aquellas personas que se estimen con derecho a la masa hereditaria, a fin de que acudan a deducirlo al local de este juzgado, dentro del término de 30 treinta días contados a partir del siguiente al de la publicación del edicto ordenado. DOY FE.
San Pedro Garza García, Nuevo León, a 08 de julio de 2025.
LICENCIADA KARLA NALLELY
CARRIAGA MENDEZ.
C. SECRETARIO DEL JUZGADO PRIMERO
DE LO FAMILIAR DEL CUARTO DISTRITO
JUDICIAL EN EL ESTADO
(1)
EDICTO
El día 8 ocho de julio de 2025 dos mil veinticinco, se admitió a trámite ante el Juzgado Primero de lo Familiar del Décimo Tercer Distrito Judicial en el Estado, bajo el número de expediente 915/2025, el juicio sucesorio de intestado a bienes de J. Reyes Mireor Zamora, ordenándose publicar un edicto por una sola vez tanto en el Boletín Judicial, como en el periódico "El Porvenir" que se edita en la Entidad, convocándose a los que se crean con derecho a la masa hereditaria, a fin de que acudan a deducirlo ante esta autoridad en el término de 30-treinta días contados desde el siguiente al de la publicación. Doy fe.
Apodaca, Nuevo León a 30 de julio de 2025
SECRETARIO ADSCRITO A LA
COORDINACIÓN DE LA GESTIÓN JUDICIAL
DE LOS JUZGADOS EN MATERIA FAMILIAR
DEL DÉCIMO TERCER DISTRITO JUDICIAL
DEL ESTADO.
RAÚL RAMIRO AVILÉS RODARTE
(1)
EDICTO
En fecha 11 once de junio de 2025 dos mil veinticinco, se admitió a trámite el expediente judicial número 629/2025, relativo al juicio sucesorio de intestado especial a bienes de Evaristo Santana Juárez y/o Ebaristo Santana Juárez y/o Evaristo Santana, en el cual se ordenó la publicación de un edicto por una sola vez en el periódico El Porvenir, que se editan en la capital del Estado, mediante el cual se convoque a todas aquellas personas que se estimen con derecho a la masa hereditaria, a fin de que acudan a deducirlo al local de este juzgado, dentro del término de 10 treinta días contados a partir del siguiente al de la publicación del edicto ordenado. DOY FE.
San Pedro Garza García, Nuevo León, a 09 nueve de julio de 2025.
LICENCIADA KARLA NALLELY
CARRIAGA MENDEZ.
C. SECRETARIO DEL JUZGADO PRIMERO
DE LO FAMILIAR DEL CUARTO DISTRITO
JUDICIAL EN EL ESTADO
(1)
PUBLICACIÓN NOTARIAL
Con fecha 25 de Julio de 2025, mediante Escritura Pública Número 259, se radicó en esta Notaría Pública Número 82 a mi cargo, la Sucesión testamentaria a bienes de la señora NORMA ALICIA JACOBO NUÑEZ denunciado por los señores VICTOR ALANIS TAMEZ, VICTOR ALAN ALANIS JACOBO Y MELISSA ALANIS JACOB en su carácter de Únicos y Universales Herederos y como Albacea el señor JAVIER SILVERIO ALANIS TAMEZ, de esta sucesión, manifestando que aceptan la herencia y reconoce los derechos hereditarios y este último el carácter de Albacea que le fue conferido, expresando que procederá a formular las Operaciones de Inventario y Avalúo. Con fundamento en el artículo 882- ochocientos ochenta y dos del Código de Procedimientos Civiles del Estado, doy a conocer las anteriores manifestaciones mediante esta publicación que se hará por dos veces de 10-diez en 10-diez días en el periódico "El Porvenir" que se edita en la Ciudad de Monterrey, Nuevo León.
San Nicolás de los Garza, N.L. a 25 de Julio de 2025.
LIC. JESÚS SANTOS CAZARES RIVERA
TITULAR DE LA
NOTARIA PUBLICA NUMERO 82
CARJ-630412-GV0
(1 y 11)
AVISO NOTARIAL
Mediante Escritura Pública número 22,617 veintidós mil seiscientos diecisiete, de fecha 22 veintidós de Julio del 2025 dos mil veinticinco, quedó RADICADA en esta Notaría Pública a mi cargo, la Sucesión Intestamentaria a bienes del señor AARON GARZA PADILLA compareciendo los señores ERICK AARON, ALEXA FERNANDA, ROLANDO EMILIANO Y JAIME EMILIANO, todos de apellidos GARZA TORRES como Únicos y Universales Herederos y además la señora ERIKA JUDITH TORRES GARZA, como cónyuge supérstite del Autor de la Sucesión, quienes reconocen ser los ÚNICOS Y UNIVERSALES HEREDEROS; así mismo el señor ERICK AARON GARZA TORRES, comparece en su carácter de ALBACEA, protestando su fiel y legal desempeño, lo que se da a conocer en cumplimiento a lo dispuesto en el artículo 882 del Código de Procedimientos Civiles vigente en el Estado, por medio de dos publicaciones de diez en diez días en el periódico El Porvenir, que se edita en esta Ciudad de Monterrey, Nuevo León.
San Pedro Garza García, a 23 de Julio de 2025
LICENCIADA SILVIA MARIA GABRIELA
GUERRA VELAZQUEZ
NOTARIO PÚBLICO TITULAR
NÚMERO CUATRO
GUVS-591103-TM9.
(1 y 11)
EDICTO
En fecha 12 doce de junio de 2025 dos mil veinticinco, se admitió a trámite el expediente judicial número 544/2025, relativo al juicio sucesorio de intestado a bienes de Mahali Sarai Salas Sifuentes, en el cual se ordenó la publicación de un edicto por una sola vez tanto en el Boletín Judicial, como en el periódico el Porvenir, que se editan en la capital del Estado, mediante el cual se convoque a todas aquellas personas que se estimen con derecho a la masa hereditaria, a fin de que acudan a deducirlo al local de este juzgado, dentro del término de 30 treinta días contados a partir del siguiente al de la publicación del edicto ordenado. DOY FE.
San Pedro Garza García, Nuevo León, a 24 de junio de 2025.
LICENCIADO FERMIN CORTEZ RIVERA.
C. SECRETARIO DEL JUZGADO PRIMERO
DE LO FAMILIAR DEL CUARTO DISTRITO
JUDICIAL EN EL ESTADO
(1)
